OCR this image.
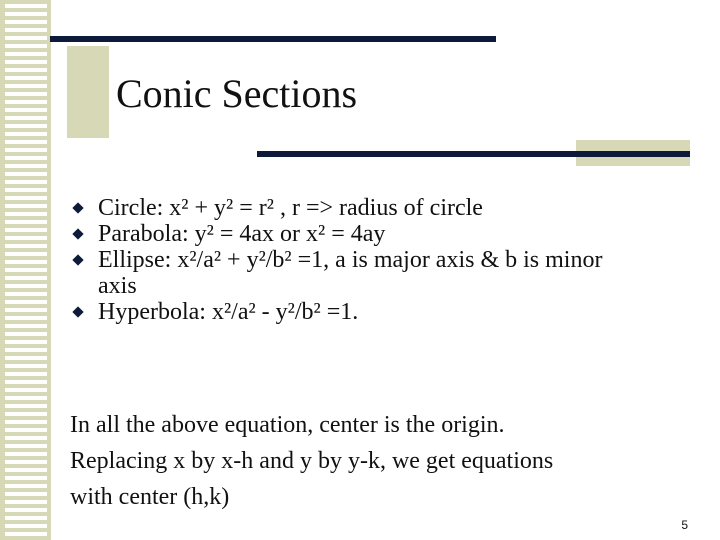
Conic Sections
Circle: x² + y² = r² , r => radius of circle
Parabola: y² = 4ax or x² = 4ay
Ellipse: x²/a² + y²/b² =1, a is major axis & b is minor axis
Hyperbola: x²/a² - y²/b² =1.

In all the above equation, center is the origin.

Replacing x by x-h and y by y-k, we get equations

with center (h,k)

5
